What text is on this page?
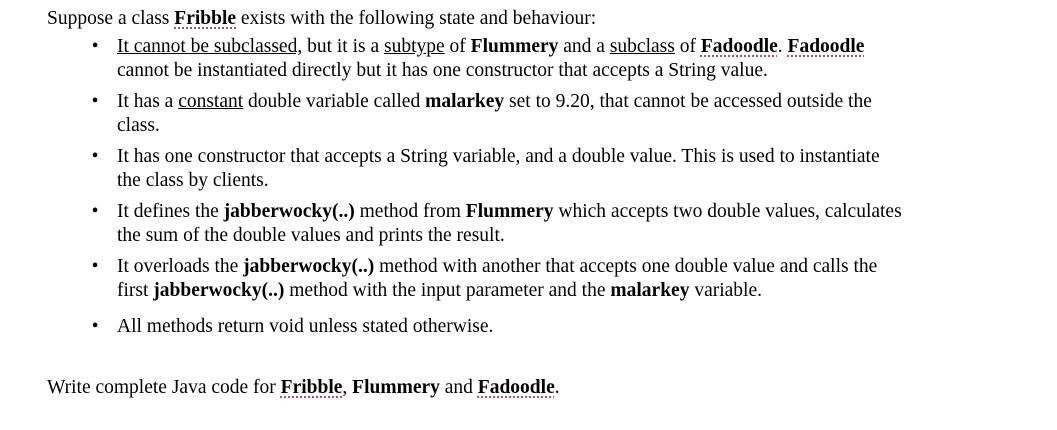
Suppose a class Fribble exists with the following state and behaviour:

• It cannot be subclassed, but it is a subtype of Flummery and a subclass of Fadoodle. Fadoodle
cannot be instantiated directly but it has one constructor that accepts a String value.
• It has a constant double variable called malarkey set to 9.20, that cannot be accessed outside the
class.
• It has one constructor that accepts a String variable, and a double value. This is used to instantiate
the class by clients.
• It defines the jabberwocky(..) method from Flummery which accepts two double values, calculates
the sum of the double values and prints the result.
• It overloads the jabberwocky(..) method with another that accepts one double value and calls the
first jabberwocky(..) method with the input parameter and the malarkey variable.
• All methods return void unless stated otherwise.

Write complete Java code for Fribble, Flummery and Fadoodle.
